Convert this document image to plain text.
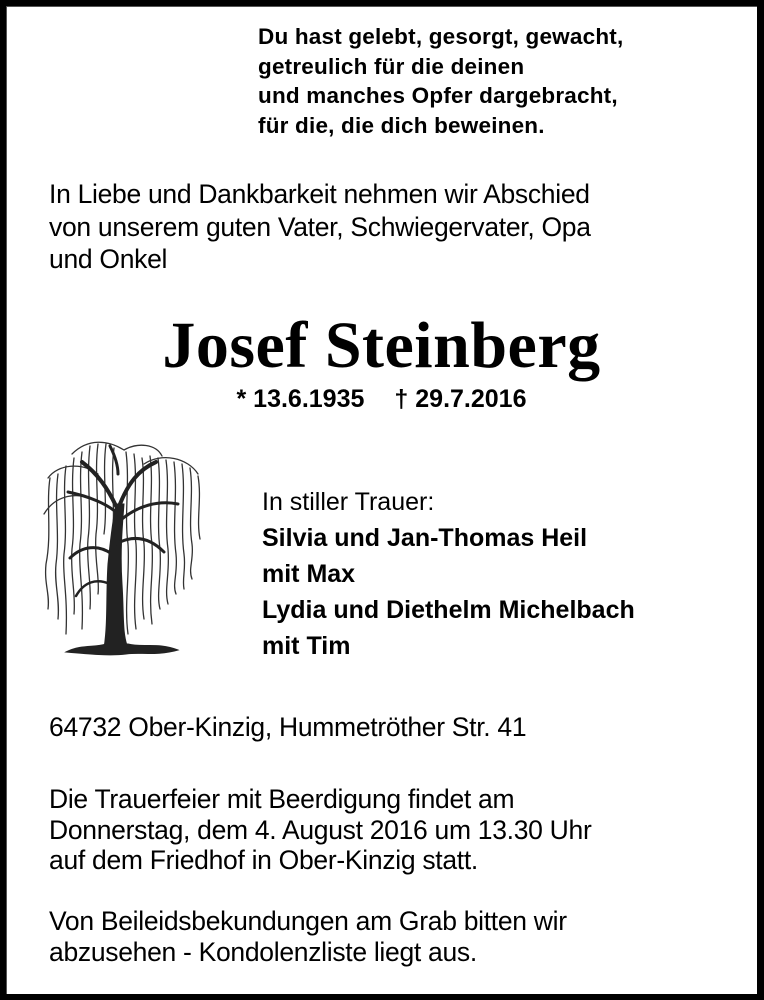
Du hast gelebt, gesorgt, gewacht,
getreulich für die deinen
und manches Opfer dargebracht,
für die, die dich beweinen.
In Liebe und Dankbarkeit nehmen wir Abschied
von unserem guten Vater, Schwiegervater, Opa
und Onkel
Josef Steinberg
* 13.6.1935 † 29.7.2016
In stiller Trauer:
Silvia und Jan-Thomas Heil
mit Max
Lydia und Diethelm Michelbach
mit Tim
64732 Ober-Kinzig, Hummetröther Str. 41
Die Trauerfeier mit Beerdigung findet am
Donnerstag, dem 4. August 2016 um 13.30 Uhr
auf dem Friedhof in Ober-Kinzig statt.
Von Beileidsbekundungen am Grab bitten wir
abzusehen - Kondolenzliste liegt aus.
